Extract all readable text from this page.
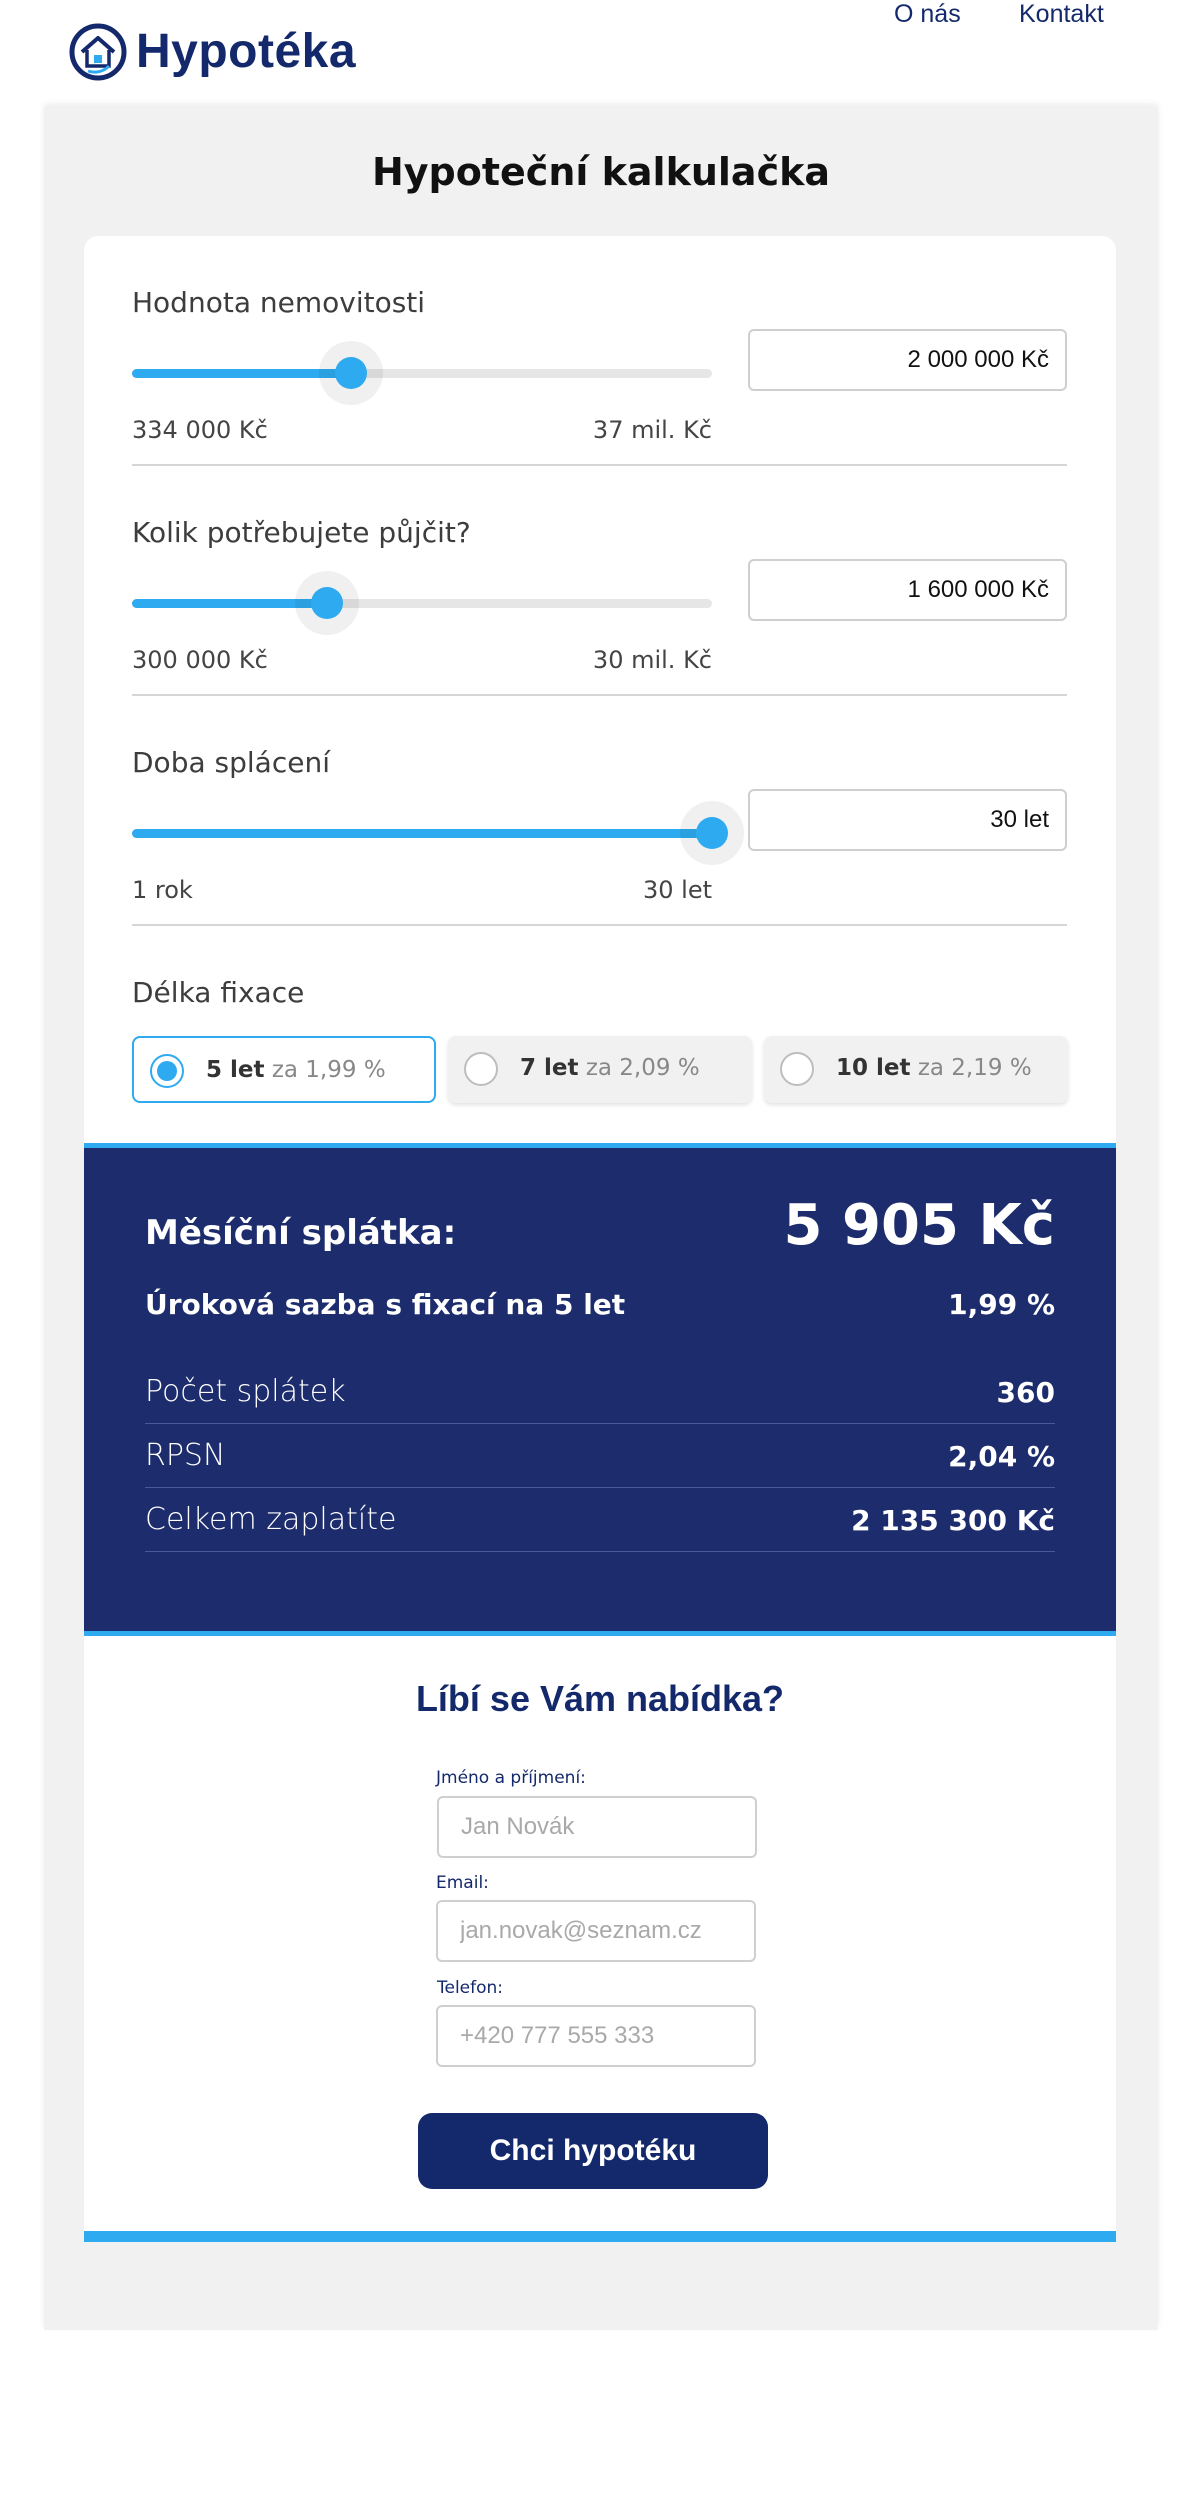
Hypotéka
O nás Kontakt
Hypoteční kalkulačka
Hodnota nemovitosti
334 000 Kč	37 mil. Kč
2 000 000 Kč
Kolik potřebujete půjčit?
300 000 Kč	30 mil. Kč
1 600 000 Kč
Doba splácení
1 rok	30 let
30 let
Délka fixace
5 let za 1,99 %	7 let za 2,09 %	10 let za 2,19 %
Měsíční splátka:	5 905 Kč
Úroková sazba s fixací na 5 let	1,99 %
Počet splátek	360
RPSN	2,04 %
Celkem zaplatíte	2 135 300 Kč
Líbí se Vám nabídka?
Jméno a příjmení:
Jan Novák
Email:
jan.novak@seznam.cz
Telefon:
+420 777 555 333
Chci hypotéku
